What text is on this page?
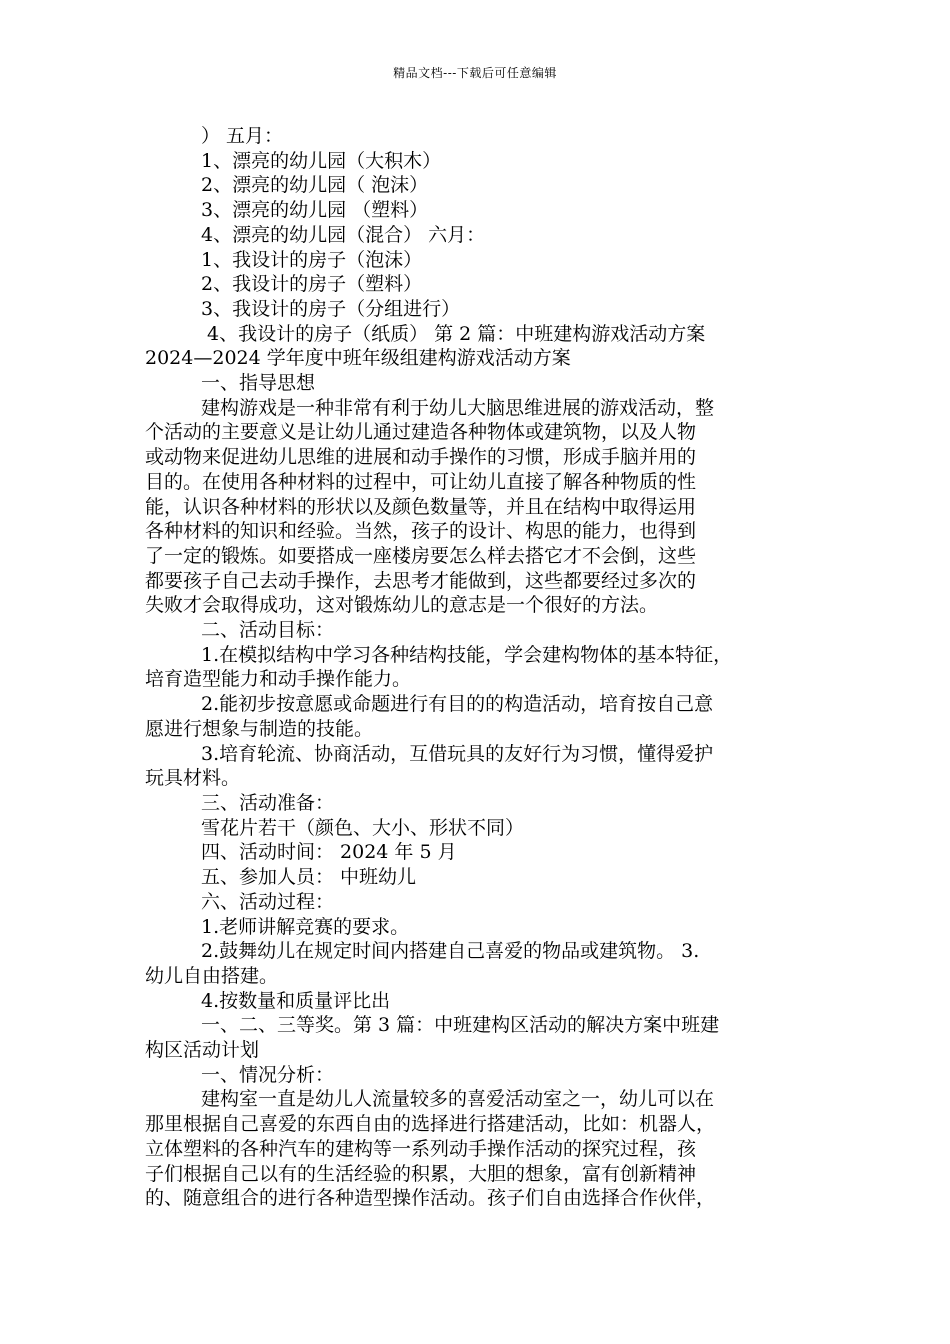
精品文档---下载后可任意编辑

） 五月：

1、漂亮的幼儿园（大积木）

2、漂亮的幼儿园（ 泡沫）

3、漂亮的幼儿园 （塑料）

4、漂亮的幼儿园（混合） 六月：

1、我设计的房子（泡沫）

2、我设计的房子（塑料）

3、我设计的房子（分组进行）

4、我设计的房子（纸质） 第 2 篇：中班建构游戏活动方案

2024—2024 学年度中班年级组建构游戏活动方案

一、指导思想

建构游戏是一种非常有利于幼儿大脑思维进展的游戏活动，整

个活动的主要意义是让幼儿通过建造各种物体或建筑物，以及人物

或动物来促进幼儿思维的进展和动手操作的习惯，形成手脑并用的

目的。在使用各种材料的过程中，可让幼儿直接了解各种物质的性

能，认识各种材料的形状以及颜色数量等，并且在结构中取得运用

各种材料的知识和经验。当然，孩子的设计、构思的能力，也得到

了一定的锻炼。如要搭成一座楼房要怎么样去搭它才不会倒，这些

都要孩子自己去动手操作，去思考才能做到，这些都要经过多次的

失败才会取得成功，这对锻炼幼儿的意志是一个很好的方法。

二、活动目标：

1.在模拟结构中学习各种结构技能，学会建构物体的基本特征，

培育造型能力和动手操作能力。

2.能初步按意愿或命题进行有目的的构造活动，培育按自己意

愿进行想象与制造的技能。

3.培育轮流、协商活动，互借玩具的友好行为习惯，懂得爱护

玩具材料。

三、活动准备：

雪花片若干（颜色、大小、形状不同）

四、活动时间： 2024 年 5 月

五、参加人员： 中班幼儿

六、活动过程：

1.老师讲解竞赛的要求。

2.鼓舞幼儿在规定时间内搭建自己喜爱的物品或建筑物。 3.

幼儿自由搭建。

4.按数量和质量评比出

一、二、三等奖。第 3 篇：中班建构区活动的解决方案中班建

构区活动计划

一、情况分析：

建构室一直是幼儿人流量较多的喜爱活动室之一，幼儿可以在

那里根据自己喜爱的东西自由的选择进行搭建活动，比如：机器人，

立体塑料的各种汽车的建构等一系列动手操作活动的探究过程，孩

子们根据自己以有的生活经验的积累，大胆的想象，富有创新精神

的、随意组合的进行各种造型操作活动。孩子们自由选择合作伙伴，
